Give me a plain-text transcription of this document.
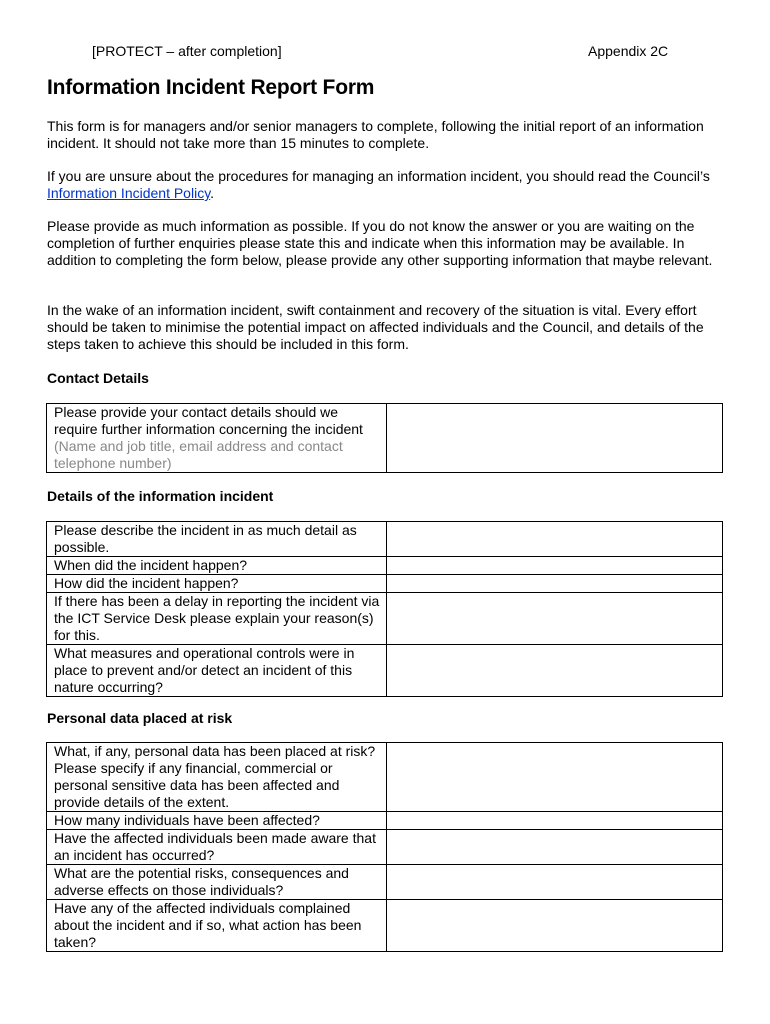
[PROTECT – after completion]	Appendix 2C
Information Incident Report Form

This form is for managers and/or senior managers to complete, following the initial report of an information incident. It should not take more than 15 minutes to complete.

If you are unsure about the procedures for managing an information incident, you should read the Council’s Information Incident Policy.

Please provide as much information as possible. If you do not know the answer or you are waiting on the completion of further enquiries please state this and indicate when this information may be available. In addition to completing the form below, please provide any other supporting information that maybe relevant.

In the wake of an information incident, swift containment and recovery of the situation is vital. Every effort should be taken to minimise the potential impact on affected individuals and the Council, and details of the steps taken to achieve this should be included in this form.

Contact Details
Please provide your contact details should we require further information concerning the incident (Name and job title, email address and contact telephone number)	
Details of the information incident
Please describe the incident in as much detail as possible.	
When did the incident happen?	
How did the incident happen?	
If there has been a delay in reporting the incident via the ICT Service Desk please explain your reason(s) for this.	
What measures and operational controls were in place to prevent and/or detect an incident of this nature occurring?	
Personal data placed at risk
What, if any, personal data has been placed at risk? Please specify if any financial, commercial or personal sensitive data has been affected and provide details of the extent.	
How many individuals have been affected?	
Have the affected individuals been made aware that an incident has occurred?	
What are the potential risks, consequences and adverse effects on those individuals?	
Have any of the affected individuals complained about the incident and if so, what action has been taken?	
